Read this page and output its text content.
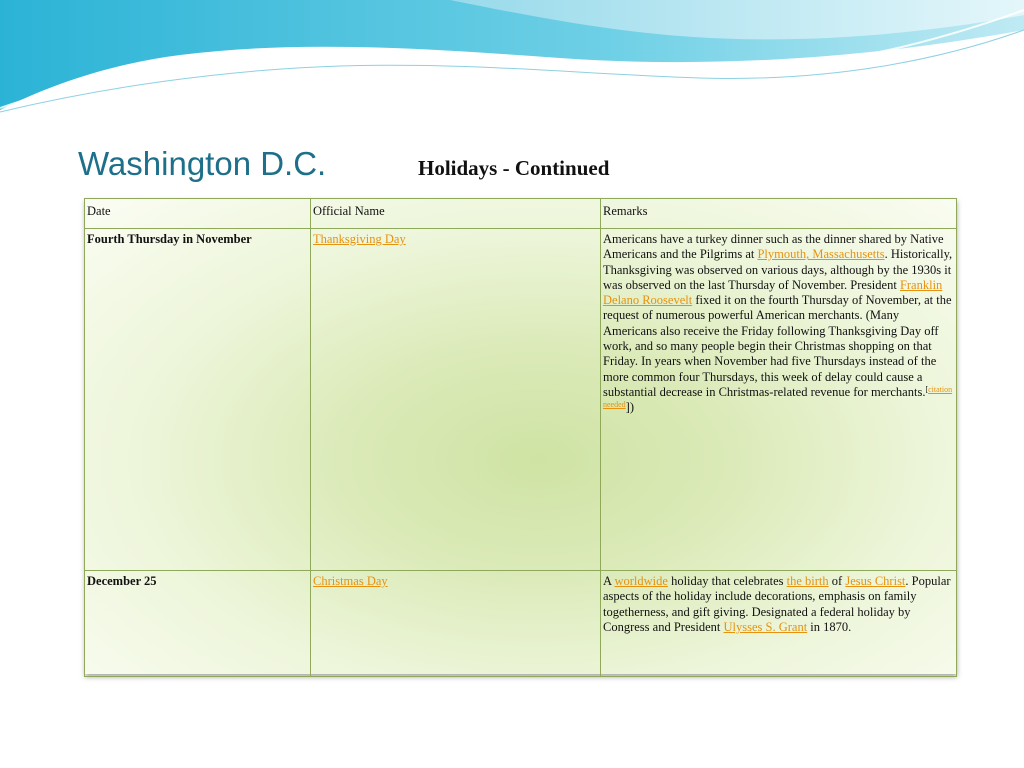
Washington D.C.	Holidays - Continued
Date	Official Name	Remarks
Fourth Thursday in November	Thanksgiving Day	Americans have a turkey dinner such as the dinner shared by Native Americans and the Pilgrims at Plymouth, Massachusetts. Historically, Thanksgiving was observed on various days, although by the 1930s it was observed on the last Thursday of November. President Franklin Delano Roosevelt fixed it on the fourth Thursday of November, at the request of numerous powerful American merchants. (Many Americans also receive the Friday following Thanksgiving Day off work, and so many people begin their Christmas shopping on that Friday. In years when November had five Thursdays instead of the more common four Thursdays, this week of delay could cause a substantial decrease in Christmas-related revenue for merchants.$^{[citation needed}$])
December 25	Christmas Day	A worldwide holiday that celebrates the birth of Jesus Christ. Popular aspects of the holiday include decorations, emphasis on family togetherness, and gift giving. Designated a federal holiday by Congress and President Ulysses S. Grant in 1870.
